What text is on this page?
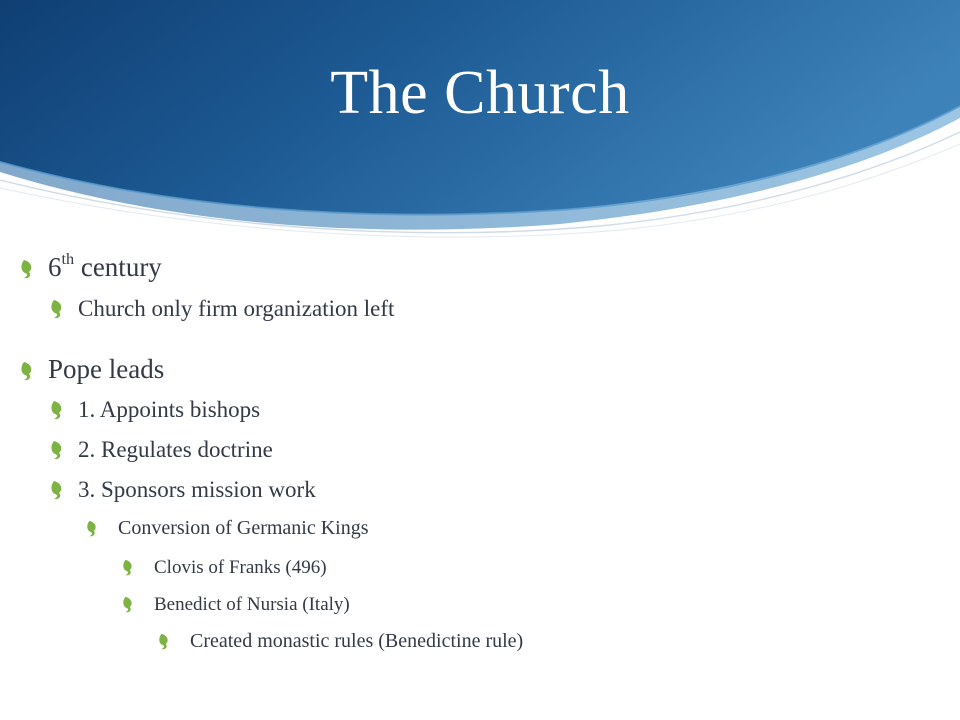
The Church
6th century
Church only firm organization left
Pope leads
1. Appoints bishops
2. Regulates doctrine
3. Sponsors mission work
Conversion of Germanic Kings
Clovis of Franks (496)
Benedict of Nursia (Italy)
Created monastic rules (Benedictine rule)
